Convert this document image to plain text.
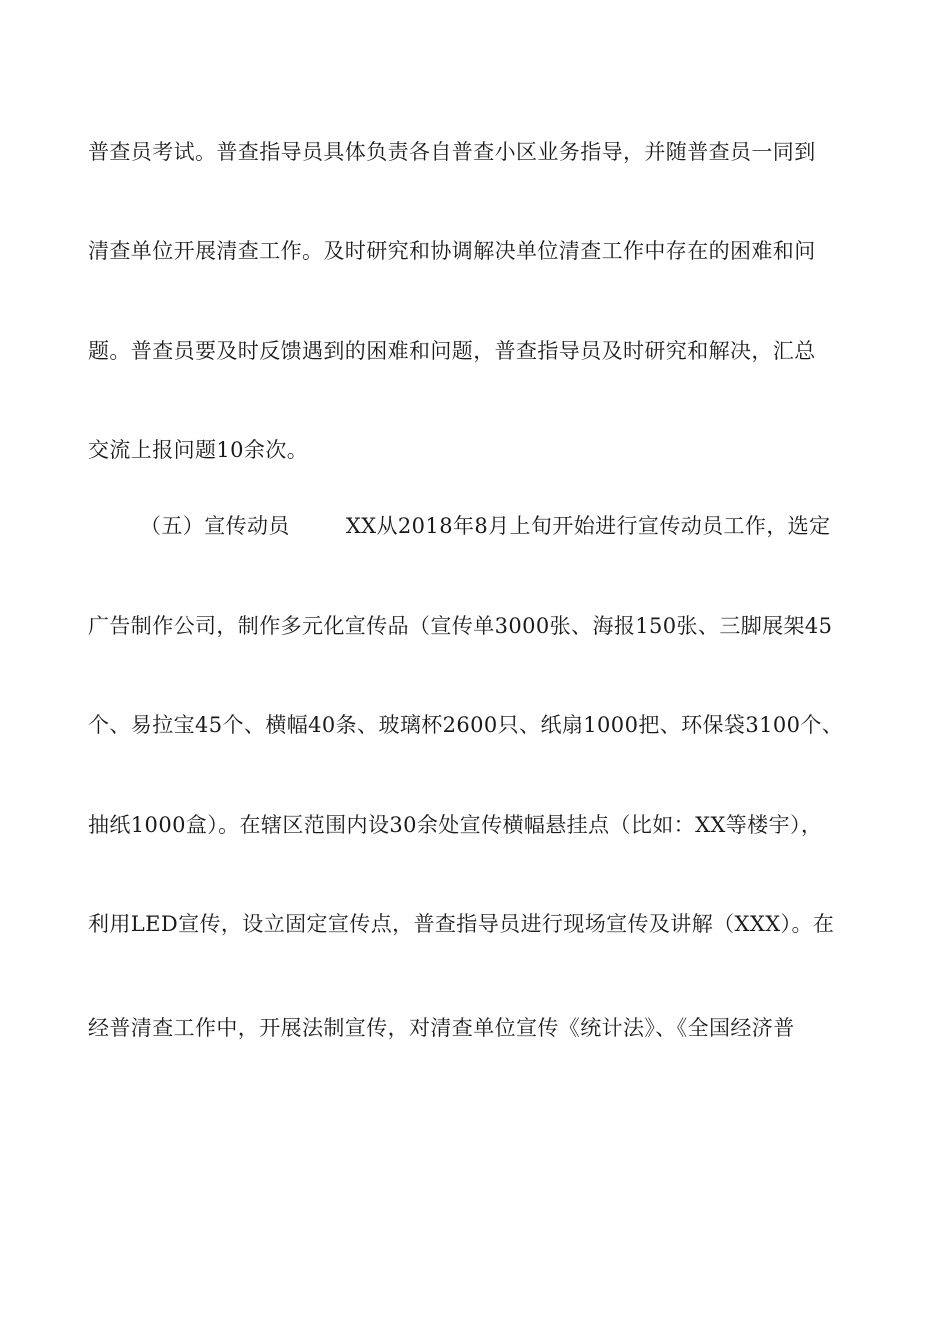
普查员考试。普查指导员具体负责各自普查小区业务指导，并随普查员一同到
清查单位开展清查工作。及时研究和协调解决单位清查工作中存在的困难和问
题。普查员要及时反馈遇到的困难和问题，普查指导员及时研究和解决，汇总
交流上报问题10余次。
（五）宣传动员	XX从2018年8月上旬开始进行宣传动员工作，选定
广告制作公司，制作多元化宣传品（宣传单3000张、海报150张、三脚展架45
个、易拉宝45个、横幅40条、玻璃杯2600只、纸扇1000把、环保袋3100个、
抽纸1000盒）。在辖区范围内设30余处宣传横幅悬挂点（比如：XX等楼宇），
利用LED宣传，设立固定宣传点，普查指导员进行现场宣传及讲解（XXX）。在
经普清查工作中，开展法制宣传，对清查单位宣传《统计法》、《全国经济普
